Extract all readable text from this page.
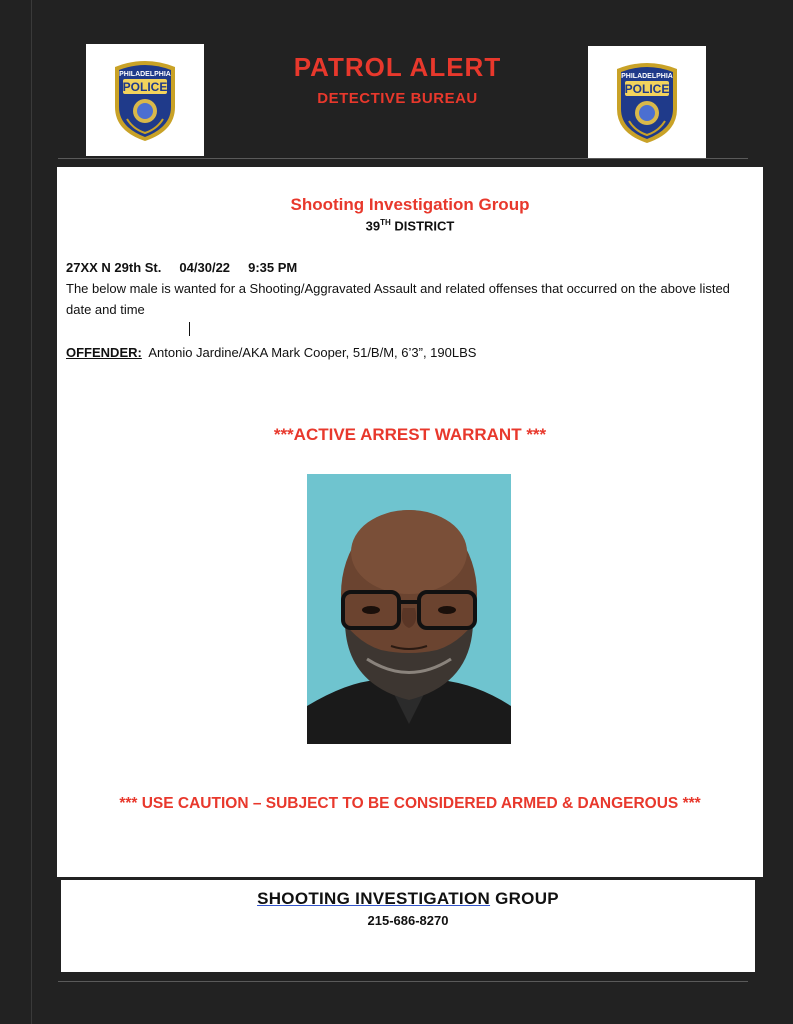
PHILADELPHIA
POLICE
PATROL ALERT
DETECTIVE BUREAU
PHILADELPHIA
POLICE
Shooting Investigation Group
39TH DISTRICT
27XX N 29th St.     04/30/22     9:35 PM
The below male is wanted for a Shooting/Aggravated Assault and related offenses that occurred on the above listed date and time
OFFENDER: Antonio Jardine/AKA Mark Cooper, 51/B/M, 6’3”, 190LBS
***ACTIVE ARREST WARRANT ***
*** USE CAUTION – SUBJECT TO BE CONSIDERED ARMED & DANGEROUS ***
SHOOTING INVESTIGATION GROUP
215-686-8270
